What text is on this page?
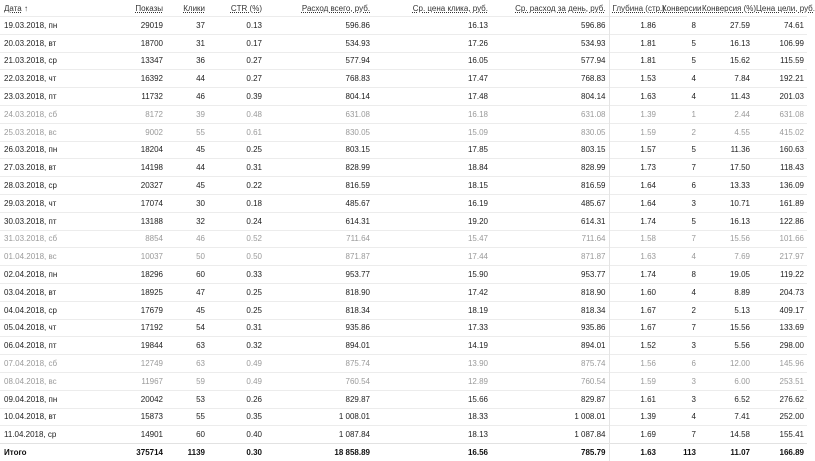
Дата ↑	Показы	Клики	CTR (%)	Расход всего, руб.	Ср. цена клика, руб.	Ср. расход за день, руб.	Глубина (стр.)	Конверсии	Конверсия (%)	Цена цели, руб.
19.03.2018, пн	29019	37	0.13	596.86	16.13	596.86	1.86	8	27.59	74.61
20.03.2018, вт	18700	31	0.17	534.93	17.26	534.93	1.81	5	16.13	106.99
21.03.2018, ср	13347	36	0.27	577.94	16.05	577.94	1.81	5	15.62	115.59
22.03.2018, чт	16392	44	0.27	768.83	17.47	768.83	1.53	4	7.84	192.21
23.03.2018, пт	11732	46	0.39	804.14	17.48	804.14	1.63	4	11.43	201.03
24.03.2018, сб	8172	39	0.48	631.08	16.18	631.08	1.39	1	2.44	631.08
25.03.2018, вс	9002	55	0.61	830.05	15.09	830.05	1.59	2	4.55	415.02
26.03.2018, пн	18204	45	0.25	803.15	17.85	803.15	1.57	5	11.36	160.63
27.03.2018, вт	14198	44	0.31	828.99	18.84	828.99	1.73	7	17.50	118.43
28.03.2018, ср	20327	45	0.22	816.59	18.15	816.59	1.64	6	13.33	136.09
29.03.2018, чт	17074	30	0.18	485.67	16.19	485.67	1.64	3	10.71	161.89
30.03.2018, пт	13188	32	0.24	614.31	19.20	614.31	1.74	5	16.13	122.86
31.03.2018, сб	8854	46	0.52	711.64	15.47	711.64	1.58	7	15.56	101.66
01.04.2018, вс	10037	50	0.50	871.87	17.44	871.87	1.63	4	7.69	217.97
02.04.2018, пн	18296	60	0.33	953.77	15.90	953.77	1.74	8	19.05	119.22
03.04.2018, вт	18925	47	0.25	818.90	17.42	818.90	1.60	4	8.89	204.73
04.04.2018, ср	17679	45	0.25	818.34	18.19	818.34	1.67	2	5.13	409.17
05.04.2018, чт	17192	54	0.31	935.86	17.33	935.86	1.67	7	15.56	133.69
06.04.2018, пт	19844	63	0.32	894.01	14.19	894.01	1.52	3	5.56	298.00
07.04.2018, сб	12749	63	0.49	875.74	13.90	875.74	1.56	6	12.00	145.96
08.04.2018, вс	11967	59	0.49	760.54	12.89	760.54	1.59	3	6.00	253.51
09.04.2018, пн	20042	53	0.26	829.87	15.66	829.87	1.61	3	6.52	276.62
10.04.2018, вт	15873	55	0.35	1 008.01	18.33	1 008.01	1.39	4	7.41	252.00
11.04.2018, ср	14901	60	0.40	1 087.84	18.13	1 087.84	1.69	7	14.58	155.41
Итого	375714	1139	0.30	18 858.89	16.56	785.79	1.63	113	11.07	166.89
